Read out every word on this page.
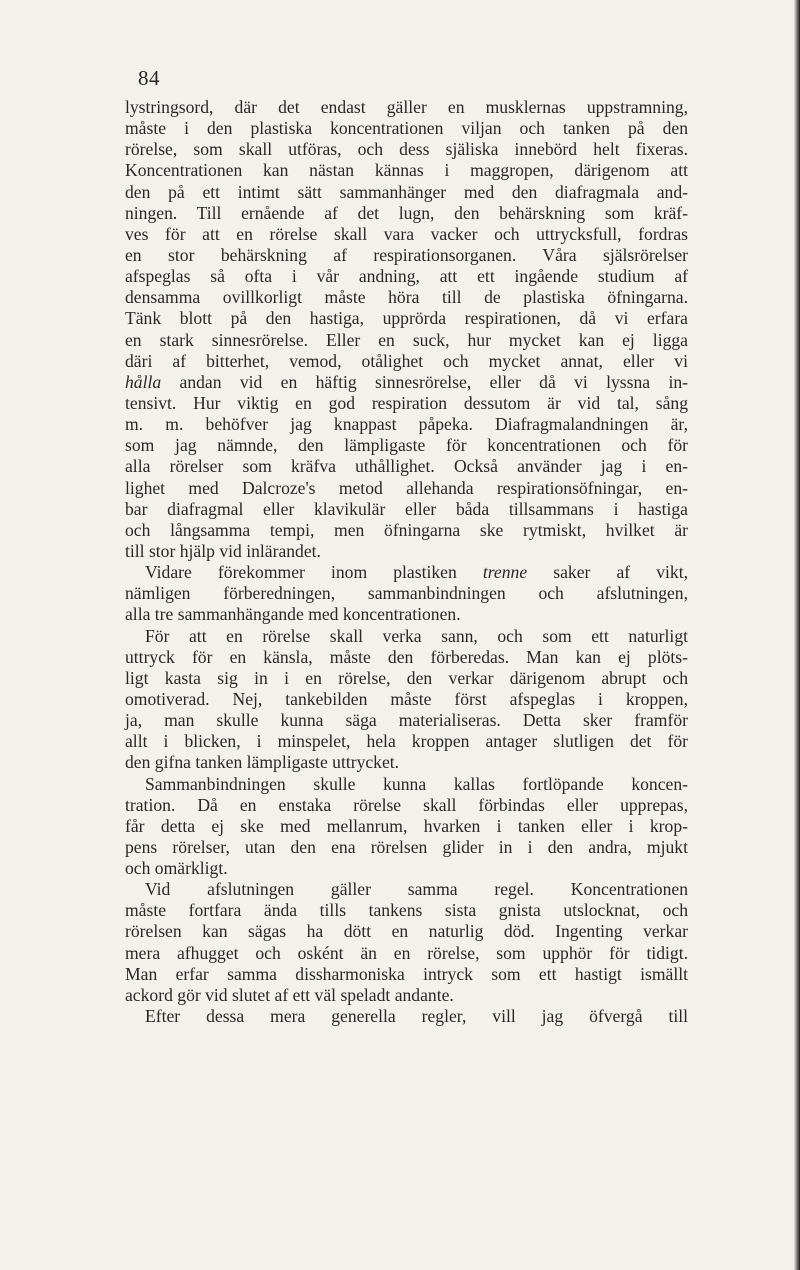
84
lystringsord, där det endast gäller en musklernas uppstramning,
måste i den plastiska koncentrationen viljan och tanken på den
rörelse, som skall utföras, och dess själiska innebörd helt fixeras.
Koncentrationen kan nästan kännas i maggropen, därigenom att
den på ett intimt sätt sammanhänger med den diafragmala and-
ningen. Till ernående af det lugn, den behärskning som kräf-
ves för att en rörelse skall vara vacker och uttrycksfull, fordras
en stor behärskning af respirationsorganen. Våra själsrörelser
afspeglas så ofta i vår andning, att ett ingående studium af
densamma ovillkorligt måste höra till de plastiska öfningarna.
Tänk blott på den hastiga, upprörda respirationen, då vi erfara
en stark sinnesrörelse. Eller en suck, hur mycket kan ej ligga
däri af bitterhet, vemod, otålighet och mycket annat, eller vi
hålla andan vid en häftig sinnesrörelse, eller då vi lyssna in-
tensivt. Hur viktig en god respiration dessutom är vid tal, sång
m. m. behöfver jag knappast påpeka. Diafragmalandningen är,
som jag nämnde, den lämpligaste för koncentrationen och för
alla rörelser som kräfva uthållighet. Också använder jag i en-
lighet med Dalcroze's metod allehanda respirationsöfningar, en-
bar diafragmal eller klavikulär eller båda tillsammans i hastiga
och långsamma tempi, men öfningarna ske rytmiskt, hvilket är
till stor hjälp vid inlärandet.
Vidare förekommer inom plastiken trenne saker af vikt,
nämligen förberedningen, sammanbindningen och afslutningen,
alla tre sammanhängande med koncentrationen.
För att en rörelse skall verka sann, och som ett naturligt
uttryck för en känsla, måste den förberedas. Man kan ej plöts-
ligt kasta sig in i en rörelse, den verkar därigenom abrupt och
omotiverad. Nej, tankebilden måste först afspeglas i kroppen,
ja, man skulle kunna säga materialiseras. Detta sker framför
allt i blicken, i minspelet, hela kroppen antager slutligen det för
den gifna tanken lämpligaste uttrycket.
Sammanbindningen skulle kunna kallas fortlöpande koncen-
tration. Då en enstaka rörelse skall förbindas eller upprepas,
får detta ej ske med mellanrum, hvarken i tanken eller i krop-
pens rörelser, utan den ena rörelsen glider in i den andra, mjukt
och omärkligt.
Vid afslutningen gäller samma regel. Koncentrationen
måste fortfara ända tills tankens sista gnista utslocknat, och
rörelsen kan sägas ha dött en naturlig död. Ingenting verkar
mera afhugget och osként än en rörelse, som upphör för tidigt.
Man erfar samma dissharmoniska intryck som ett hastigt ismällt
ackord gör vid slutet af ett väl speladt andante.
Efter dessa mera generella regler, vill jag öfvergå till
